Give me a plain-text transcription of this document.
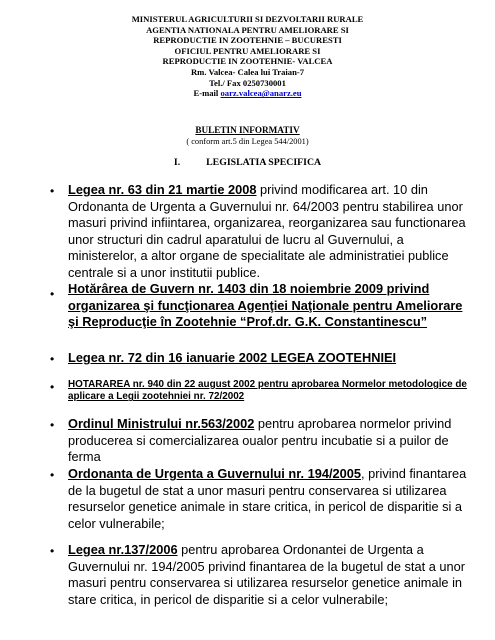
MINISTERUL AGRICULTURII SI DEZVOLTARII RURALE
AGENTIA NATIONALA PENTRU AMELIORARE SI
REPRODUCTIE IN ZOOTEHNIE – BUCURESTI
OFICIUL PENTRU AMELIORARE SI
REPRODUCTIE IN ZOOTEHNIE- VALCEA
Rm. Valcea- Calea lui Traian-7
Tel./ Fax 0250730001
E-mail oarz.valcea@anarz.eu
BULETIN INFORMATIV
( conform art.5 din Legea 544/2001)
I.	LEGISLATIA SPECIFICA
• Legea nr. 63 din 21 martie 2008 privind modificarea art. 10 din Ordonanta de Urgenta a Guvernului nr. 64/2003 pentru stabilirea unor masuri privind infiintarea, organizarea, reorganizarea sau functionarea unor structuri din cadrul aparatului de lucru al Guvernului, a ministerelor, a altor organe de specialitate ale administratiei publice centrale si a unor institutii publice.
• Hotărârea de Guvern nr. 1403 din 18 noiembrie 2009 privind organizarea şi funcţionarea Agenţiei Naţionale pentru Ameliorare şi Reproducţie în Zootehnie “Prof.dr. G.K. Constantinescu”
• Legea nr. 72 din 16 ianuarie 2002 LEGEA ZOOTEHNIEI
• HOTARAREA nr. 940 din 22 august 2002 pentru aprobarea Normelor metodologice de aplicare a Legii zootehniei nr. 72/2002
• Ordinul Ministrului nr.563/2002 pentru aprobarea normelor privind producerea si comercializarea oualor pentru incubatie si a puilor de ferma
• Ordonanta de Urgenta a Guvernului nr. 194/2005, privind finantarea de la bugetul de stat a unor masuri pentru conservarea si utilizarea resurselor genetice animale in stare critica, in pericol de disparitie si a celor vulnerabile;
• Legea nr.137/2006 pentru aprobarea Ordonantei de Urgenta a Guvernului nr. 194/2005 privind finantarea de la bugetul de stat a unor masuri pentru conservarea si utilizarea resurselor genetice animale in stare critica, in pericol de disparitie si a celor vulnerabile;
